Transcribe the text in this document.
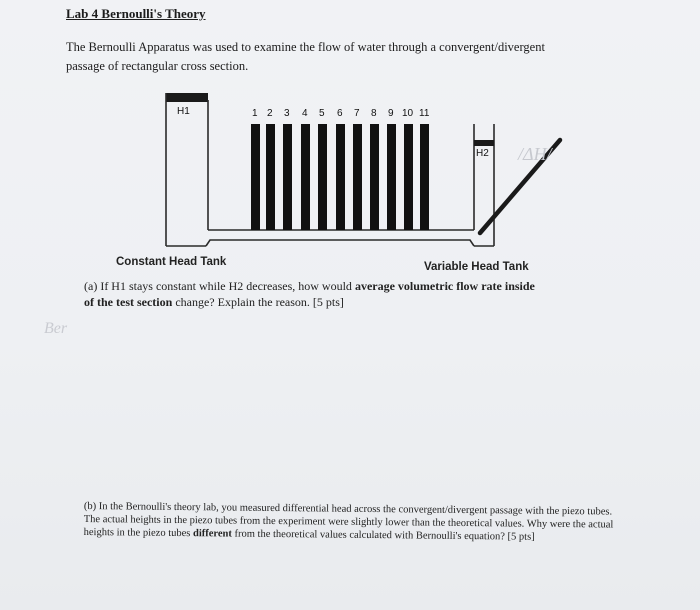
Lab 4 Bernoulli's Theory
The Bernoulli Apparatus was used to examine the flow of water through a convergent/divergent
passage of rectangular cross section.
/ΔH/
H1
H2
1 2 3 4 5 6 7 8 9 10 11
Constant Head Tank	Variable Head Tank
(a) If H1 stays constant while H2 decreases, how would average volumetric flow rate inside
of the test section change? Explain the reason. [5 pts]
Ber
(b) In the Bernoulli's theory lab, you measured differential head across the convergent/divergent passage with the piezo tubes. The actual heights in the piezo tubes from the experiment were slightly lower than the theoretical values. Why were the actual heights in the piezo tubes different from the theoretical values calculated with Bernoulli's equation? [5 pts]
